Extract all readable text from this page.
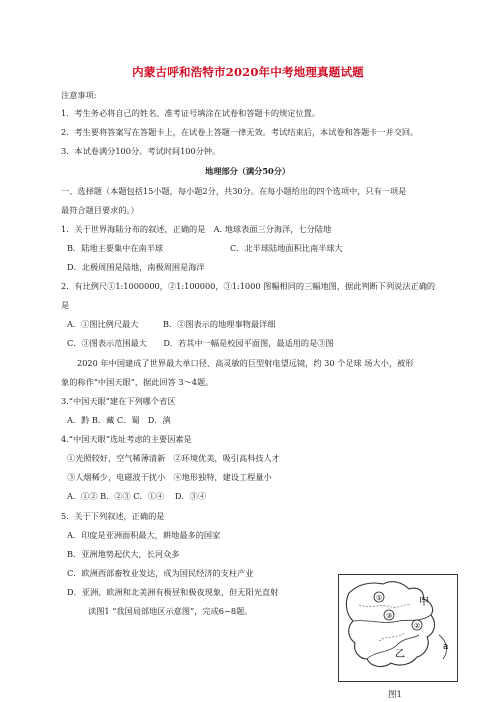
内蒙古呼和浩特市2020年中考地理真题试题
注意事项:
1．考生务必将自己的姓名、准考证号填涂在试卷和答题卡的规定位置。
2．考生要将答案写在答题卡上，在试卷上答题一律无效。考试结束后，本试卷和答题卡一并交回。
3．本试卷满分100分。考试时间100分钟。
地理部分（满分50分）
一、选择题（本题包括15小题，每小题2分，共30分。在每小题给出的四个选项中，只有一项是
最符合题目要求的。）
1．关于世界海陆分布的叙述，正确的是　A. 地球表面三分海洋，七分陆地
B．陆地主要集中在南半球	C．北半球陆地面积比南半球大
D．北极周围是陆地，南极周围是海洋
2．有比例尺①1:1000000，②1:100000，③1:1000 图幅相同的三幅地图，据此判断下列说法正确的
是
A．①图比例尺最大　　　B．②图表示的地理事物最详细
C．③图表示范围最大　　D．若其中一幅是校园平面图，最适用的是③图
2020 年中国建成了世界最大单口径、高灵敏的巨型射电望远镜，约 30 个足球 场大小，被形
象的称作“中国天眼”，据此回答 3～4题。
3.“中国天眼”建在下列哪个省区
A．黔 B．藏 C．蜀　D．滇
4.“中国天眼”选址考虑的主要因素是
①光照较好，空气稀薄清新　②环境优美，吸引高科技人才
③人烟稀少，电磁波干扰小　④地形独特，建设工程量小
A．①② B．②③ C．①④　 D．③④
5．关于下列叙述，正确的是
A．印度是亚洲面积最大，耕地最多的国家
B．亚洲地势起伏大，长河众多
C．欧洲西部畜牧业发达，成为国民经济的支柱产业
D．亚洲、欧洲和北美洲有极昼和极夜现象，但无阳光直射
读图1 “我国局部地区示意图”，完成6~8题。
①
②
③
甲
乙
a
图1
